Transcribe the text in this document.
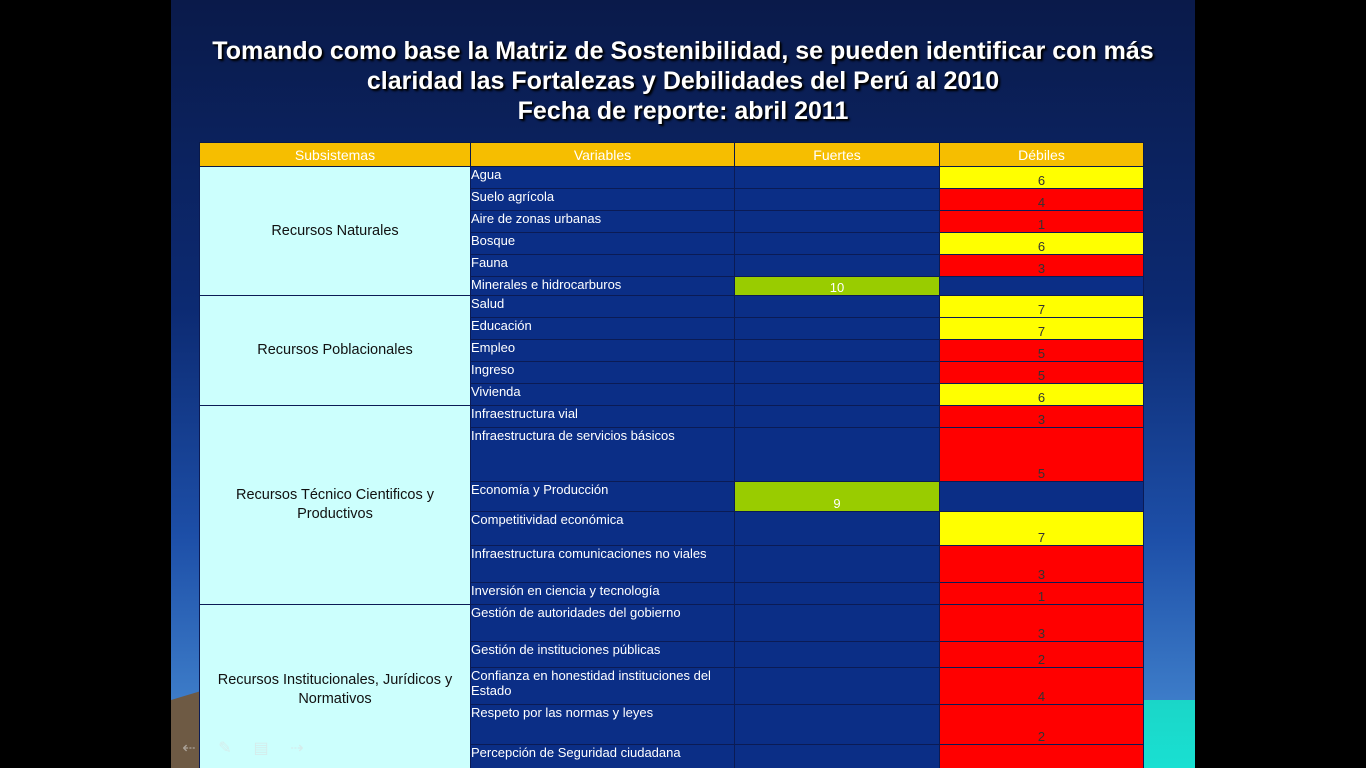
Tomando como base la Matriz de Sostenibilidad, se pueden identificar con más
claridad las Fortalezas y Debilidades del Perú al 2010
Fecha de reporte: abril 2011
Subsistemas	Variables	Fuertes	Débiles
Recursos Naturales	Agua		6
	Suelo agrícola		4
	Aire de zonas urbanas		1
	Bosque		6
	Fauna		3
	Minerales e hidrocarburos	10	
Recursos Poblacionales	Salud		7
	Educación		7
	Empleo		5
	Ingreso		5
	Vivienda		6
Recursos Técnico Cientificos y Productivos	Infraestructura vial		3
	Infraestructura de servicios básicos		5
	Economía y Producción	9	
	Competitividad económica		7
	Infraestructura comunicaciones no viales		3
	Inversión en ciencia y tecnología		1
Recursos Institucionales, Jurídicos y Normativos	Gestión de autoridades del gobierno		3
	Gestión de instituciones públicas		2
	Confianza en honestidad instituciones del Estado		4
	Respeto por las normas y leyes		2
	Percepción de Seguridad ciudadana		
⇠ ✎ ▤ ⇢
